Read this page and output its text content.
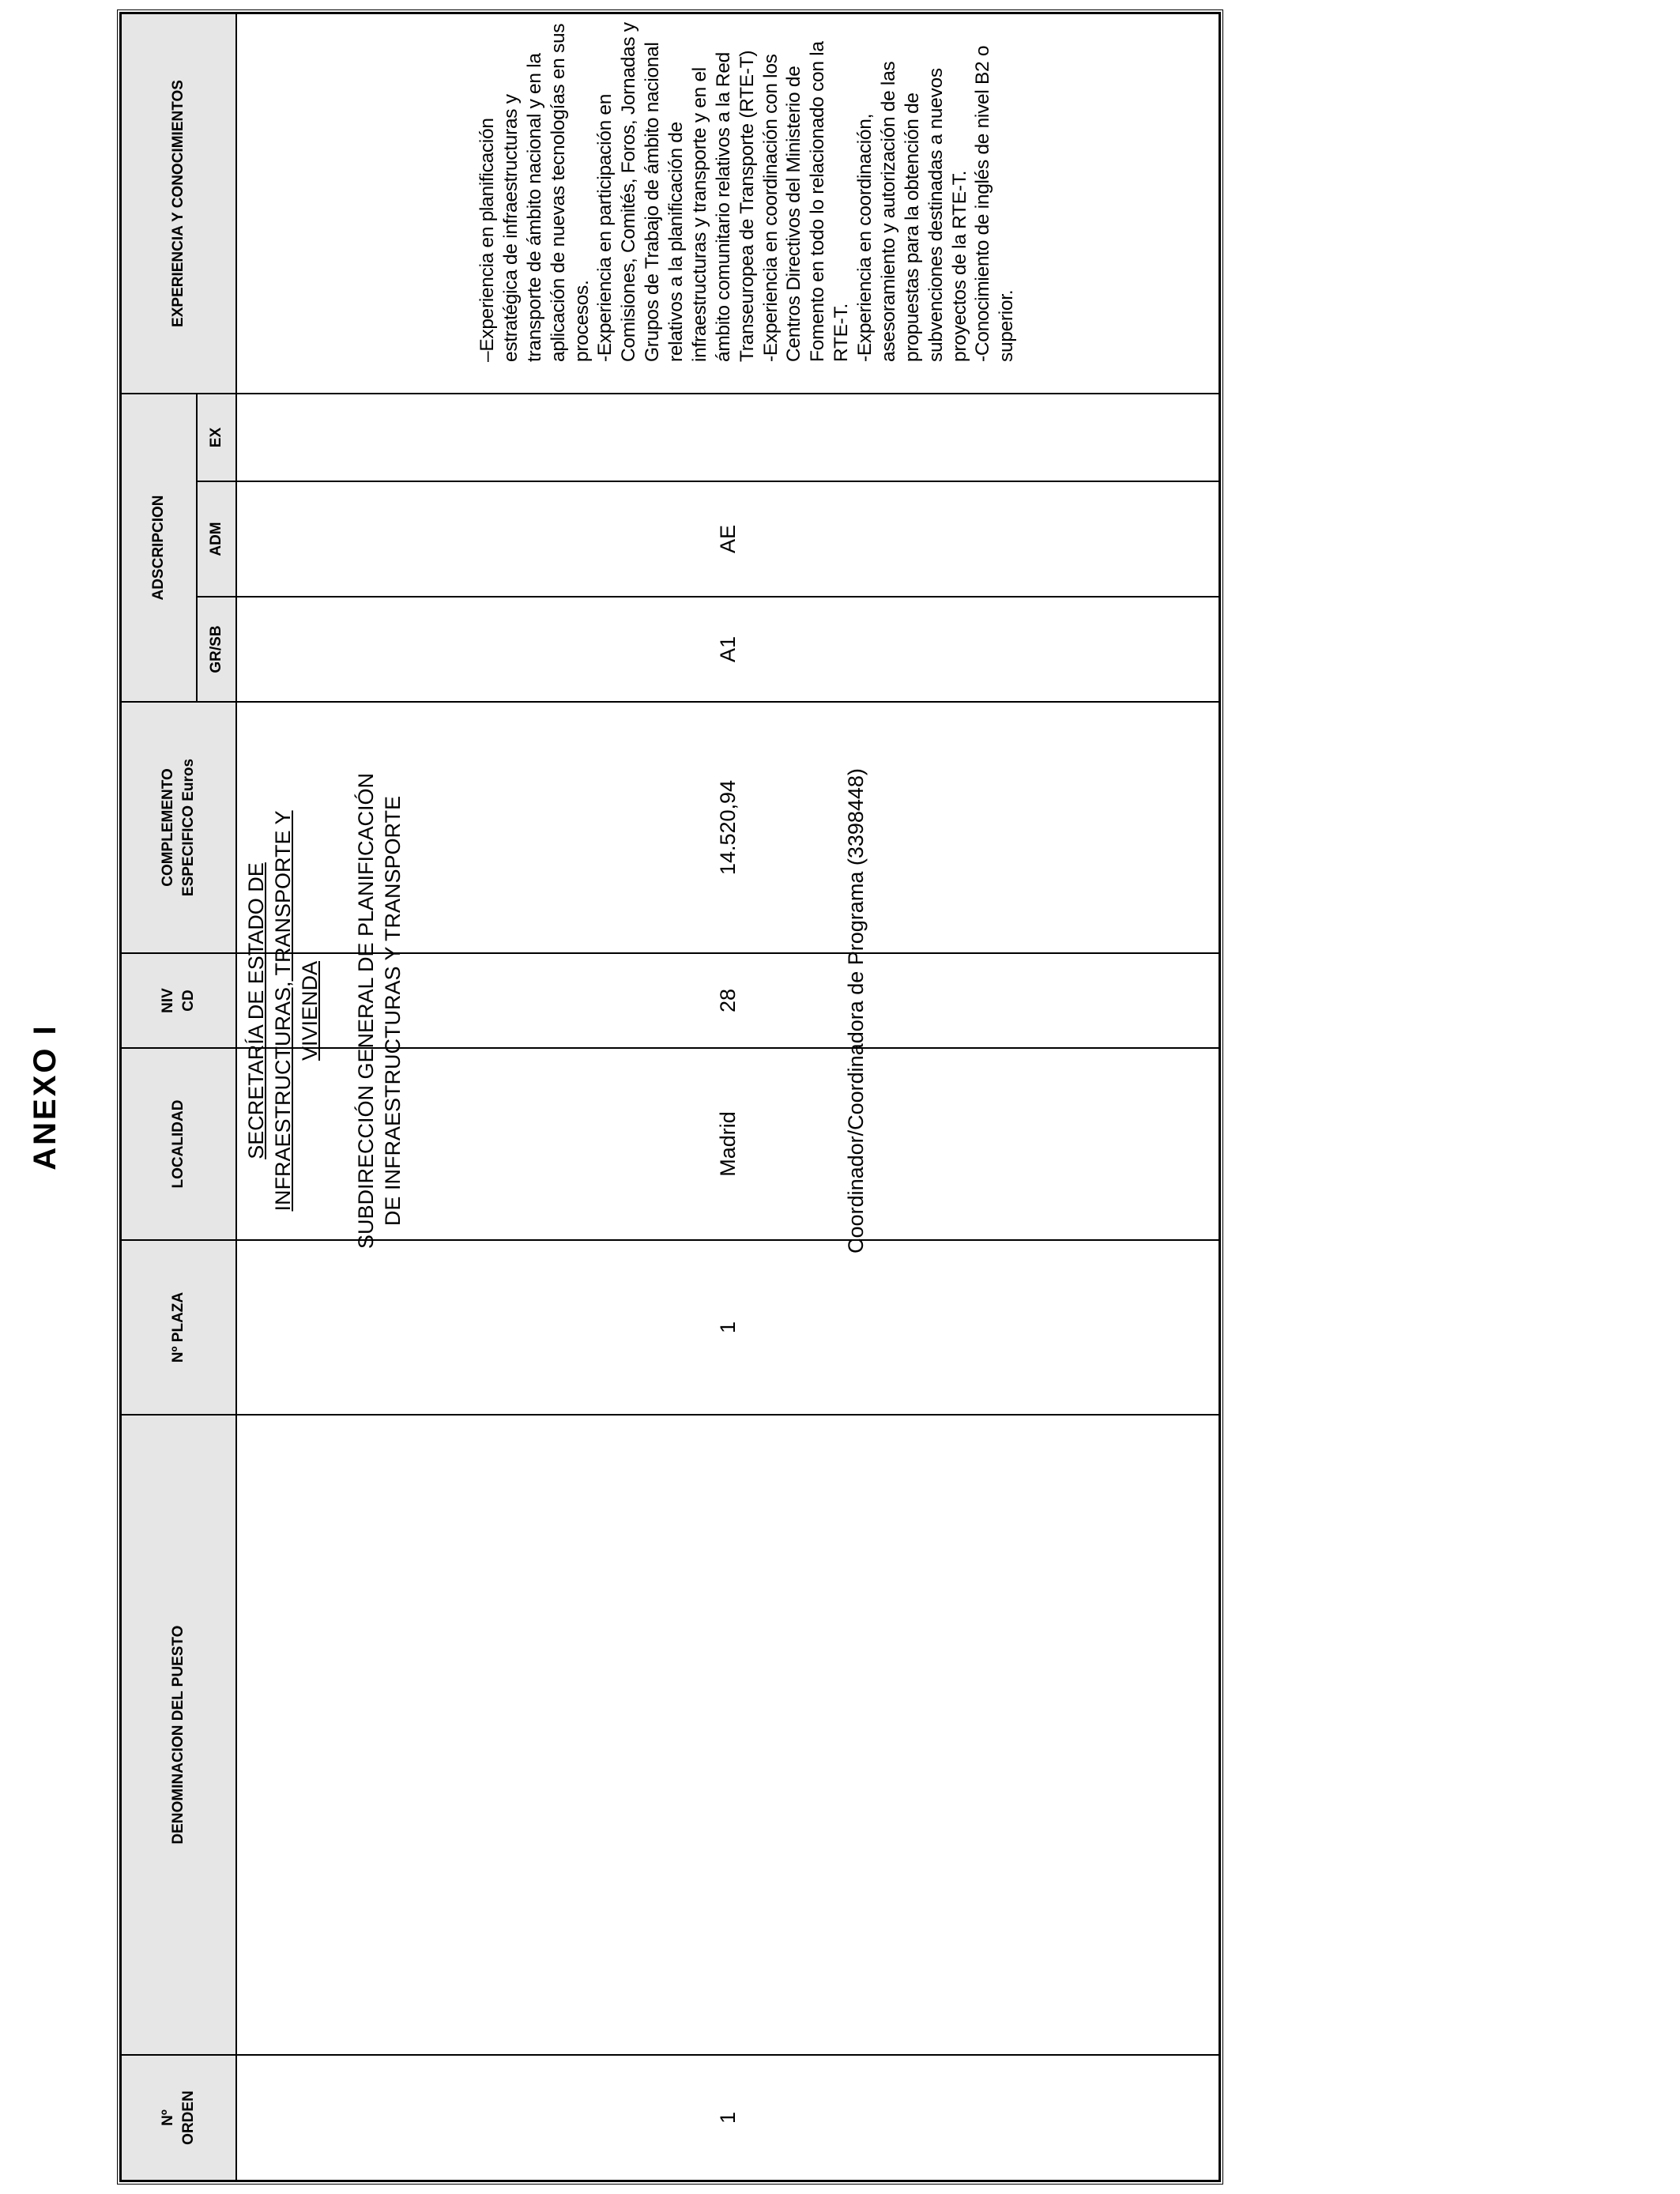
ANEXO I
Nº ORDEN
DENOMINACION DEL PUESTO
Nº PLAZA
LOCALIDAD
NIV CD
COMPLEMENTO ESPECIFICO Euros
ADSCRIPCION
GR/SB
ADM
EX
EXPERIENCIA Y CONOCIMIENTOS
1
1
Madrid
28
14.520,94
A1
AE
SECRETARÍA DE ESTADO DE INFRAESTRUCTURAS, TRANSPORTE Y VIVIENDA SUBDIRECCIÓN GENERAL DE PLANIFICACIÓN DE INFRAESTRUCTURAS Y TRANSPORTE	Coordinador/Coordinadora de Programa (3398448)
–Experiencia en planificación estratégica de infraestructuras y transporte de ámbito nacional y en la aplicación de nuevas tecnologías en sus procesos. -Experiencia en participación en Comisiones, Comités, Foros, Jornadas y Grupos de Trabajo de ámbito nacional relativos a la planificación de infraestructuras y transporte y en el ámbito comunitario relativos a la Red Transeuropea de Transporte (RTE-T) -Experiencia en coordinación con los Centros Directivos del Ministerio de Fomento en todo lo relacionado con la RTE-T. -Experiencia en coordinación, asesoramiento y autorización de las propuestas para la obtención de subvenciones destinadas a nuevos proyectos de la RTE-T. -Conocimiento de inglés de nivel B2 o superior.
